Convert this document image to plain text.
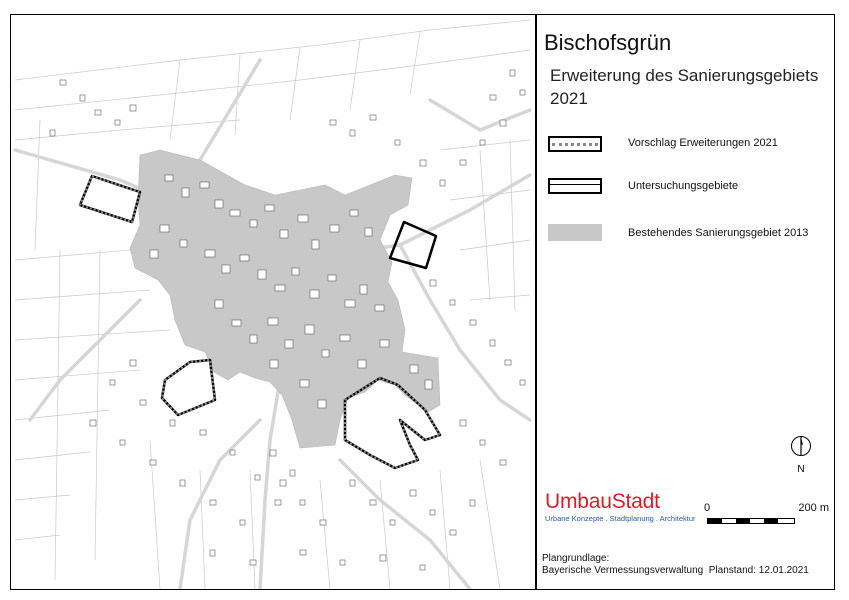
Bischofsgrün
Erweiterung des Sanierungsgebiets
2021
Vorschlag Erweiterungen 2021
Untersuchungsgebiete
Bestehendes Sanierungsgebiet 2013
N
UmbauStadt
Urbane Konzepte . Stadtplanung . Architektur
0	200 m
Plangrundlage:
Bayerische Vermessungsverwaltung Planstand: 12.01.2021
